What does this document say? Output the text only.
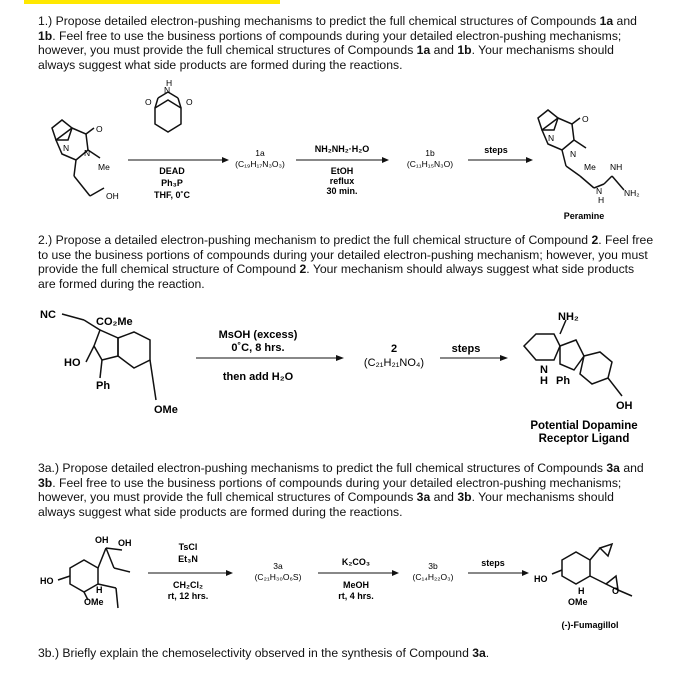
1.) Propose detailed electron-pushing mechanisms to predict the full chemical structures of Compounds 1a and 1b. Feel free to use the business portions of compounds during your detailed electron-pushing mechanisms; however, you must provide the full chemical structures of Compounds 1a and 1b. Your mechanisms should always suggest what side products are formed during the reactions.

2.) Propose a detailed electron-pushing mechanism to predict the full chemical structure of Compound 2. Feel free to use the business portions of compounds during your detailed electron-pushing mechanism; however, you must provide the full chemical structure of Compound 2. Your mechanism should always suggest what side products are formed during the reaction.

3a.) Propose detailed electron-pushing mechanisms to predict the full chemical structures of Compounds 3a and 3b. Feel free to use the business portions of compounds during your detailed electron-pushing mechanisms; however, you must provide the full chemical structures of Compounds 3a and 3b. Your mechanisms should always suggest what side products are formed during the reactions.

3b.) Briefly explain the chemoselectivity observed in the synthesis of Compound 3a.

O
N N
Me
OH
O
N
H
O
DEAD
Ph₃P
THF, 0˚C
1a
(C₁₉H₁₇N₃O₃)
NH₂NH₂·H₂O
EtOH
reflux
30 min.
1b
(C₁₁H₁₅N₃O)
steps
O
N
N
Me NH
N
H
NH₂
Peramine
NC
CO₂Me
HO
Ph
OMe
MsOH (excess)
0˚C, 8 hrs.
then add H₂O
2
(C₂₁H₂₁NO₄)
steps
NH₂
N
H Ph
OH
Potential Dopamine
Receptor Ligand
OH OH
HO
H
OMe
TsCl
Et₃N
CH₂Cl₂
rt, 12 hrs.
3a
(C₂₁H₃₀O₆S)
K₂CO₃
MeOH
rt, 4 hrs.
3b
(C₁₄H₂₂O₃)
steps
HO
H
OMe
O
(-)-Fumagillol
